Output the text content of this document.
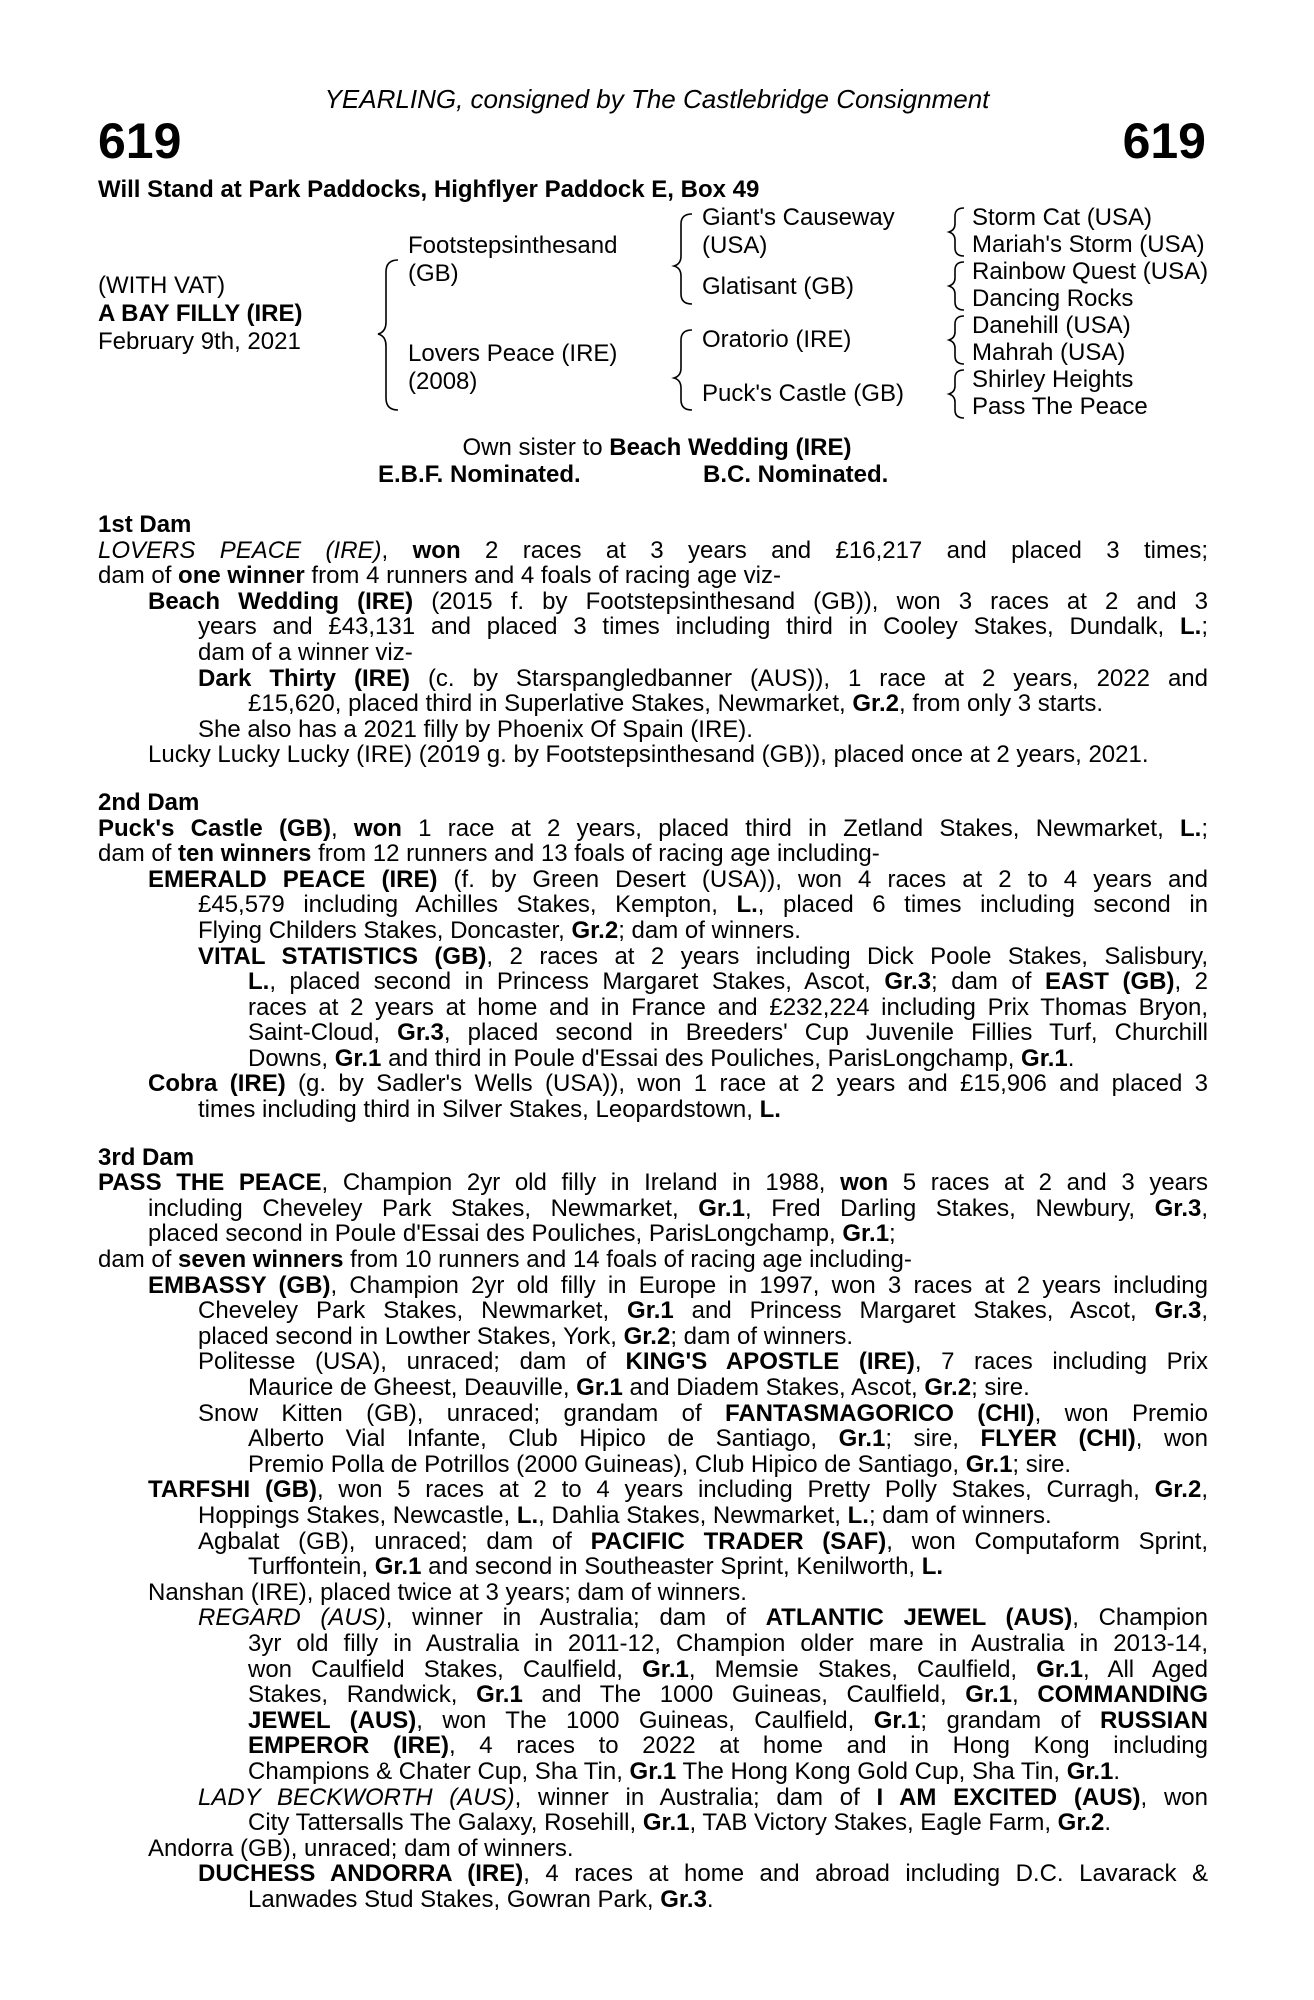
YEARLING, consigned by The Castlebridge Consignment
619	619
Will Stand at Park Paddocks, Highflyer Paddock E, Box 49
(WITH VAT)
A BAY FILLY (IRE)
February 9th, 2021
Footstepsinthesand
(GB)
Lovers Peace (IRE)
(2008)
Giant's Causeway
(USA)
Glatisant (GB)
Oratorio (IRE)
Puck's Castle (GB)
Storm Cat (USA)
Mariah's Storm (USA)
Rainbow Quest (USA)
Dancing Rocks
Danehill (USA)
Mahrah (USA)
Shirley Heights
Pass The Peace
Own sister to Beach Wedding (IRE)
E.B.F. Nominated.	B.C. Nominated.
1st Dam
LOVERS PEACE (IRE), won 2 races at 3 years and £16,217 and placed 3 times;
dam of one winner from 4 runners and 4 foals of racing age viz-
Beach Wedding (IRE) (2015 f. by Footstepsinthesand (GB)), won 3 races at 2 and 3
years and £43,131 and placed 3 times including third in Cooley Stakes, Dundalk, L.;
dam of a winner viz-
Dark Thirty (IRE) (c. by Starspangledbanner (AUS)), 1 race at 2 years, 2022 and
£15,620, placed third in Superlative Stakes, Newmarket, Gr.2, from only 3 starts.
She also has a 2021 filly by Phoenix Of Spain (IRE).
Lucky Lucky Lucky (IRE) (2019 g. by Footstepsinthesand (GB)), placed once at 2 years, 2021.
2nd Dam
Puck's Castle (GB), won 1 race at 2 years, placed third in Zetland Stakes, Newmarket, L.;
dam of ten winners from 12 runners and 13 foals of racing age including-
EMERALD PEACE (IRE) (f. by Green Desert (USA)), won 4 races at 2 to 4 years and
£45,579 including Achilles Stakes, Kempton, L., placed 6 times including second in
Flying Childers Stakes, Doncaster, Gr.2; dam of winners.
VITAL STATISTICS (GB), 2 races at 2 years including Dick Poole Stakes, Salisbury,
L., placed second in Princess Margaret Stakes, Ascot, Gr.3; dam of EAST (GB), 2
races at 2 years at home and in France and £232,224 including Prix Thomas Bryon,
Saint-Cloud, Gr.3, placed second in Breeders' Cup Juvenile Fillies Turf, Churchill
Downs, Gr.1 and third in Poule d'Essai des Pouliches, ParisLongchamp, Gr.1.
Cobra (IRE) (g. by Sadler's Wells (USA)), won 1 race at 2 years and £15,906 and placed 3
times including third in Silver Stakes, Leopardstown, L.
3rd Dam
PASS THE PEACE, Champion 2yr old filly in Ireland in 1988, won 5 races at 2 and 3 years
including Cheveley Park Stakes, Newmarket, Gr.1, Fred Darling Stakes, Newbury, Gr.3,
placed second in Poule d'Essai des Pouliches, ParisLongchamp, Gr.1;
dam of seven winners from 10 runners and 14 foals of racing age including-
EMBASSY (GB), Champion 2yr old filly in Europe in 1997, won 3 races at 2 years including
Cheveley Park Stakes, Newmarket, Gr.1 and Princess Margaret Stakes, Ascot, Gr.3,
placed second in Lowther Stakes, York, Gr.2; dam of winners.
Politesse (USA), unraced; dam of KING'S APOSTLE (IRE), 7 races including Prix
Maurice de Gheest, Deauville, Gr.1 and Diadem Stakes, Ascot, Gr.2; sire.
Snow Kitten (GB), unraced; grandam of FANTASMAGORICO (CHI), won Premio
Alberto Vial Infante, Club Hipico de Santiago, Gr.1; sire, FLYER (CHI), won
Premio Polla de Potrillos (2000 Guineas), Club Hipico de Santiago, Gr.1; sire.
TARFSHI (GB), won 5 races at 2 to 4 years including Pretty Polly Stakes, Curragh, Gr.2,
Hoppings Stakes, Newcastle, L., Dahlia Stakes, Newmarket, L.; dam of winners.
Agbalat (GB), unraced; dam of PACIFIC TRADER (SAF), won Computaform Sprint,
Turffontein, Gr.1 and second in Southeaster Sprint, Kenilworth, L.
Nanshan (IRE), placed twice at 3 years; dam of winners.
REGARD (AUS), winner in Australia; dam of ATLANTIC JEWEL (AUS), Champion
3yr old filly in Australia in 2011-12, Champion older mare in Australia in 2013-14,
won Caulfield Stakes, Caulfield, Gr.1, Memsie Stakes, Caulfield, Gr.1, All Aged
Stakes, Randwick, Gr.1 and The 1000 Guineas, Caulfield, Gr.1, COMMANDING
JEWEL (AUS), won The 1000 Guineas, Caulfield, Gr.1; grandam of RUSSIAN
EMPEROR (IRE), 4 races to 2022 at home and in Hong Kong including
Champions & Chater Cup, Sha Tin, Gr.1 The Hong Kong Gold Cup, Sha Tin, Gr.1.
LADY BECKWORTH (AUS), winner in Australia; dam of I AM EXCITED (AUS), won
City Tattersalls The Galaxy, Rosehill, Gr.1, TAB Victory Stakes, Eagle Farm, Gr.2.
Andorra (GB), unraced; dam of winners.
DUCHESS ANDORRA (IRE), 4 races at home and abroad including D.C. Lavarack &
Lanwades Stud Stakes, Gowran Park, Gr.3.
